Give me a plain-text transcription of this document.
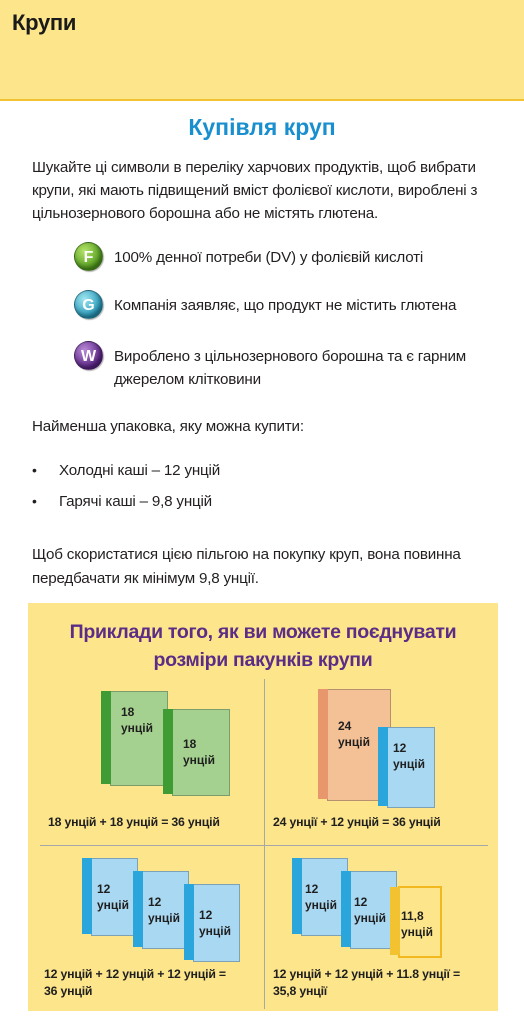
Крупи
Купівля круп
Шукайте ці символи в переліку харчових продуктів, щоб вибрати крупи, які мають підвищений вміст фолієвої кислоти, вироблені з цільнозернового борошна або не містять глютена.
F	100% денної потреби (DV) у фолієвій кислоті
G	Компанія заявляє, що продукт не містить глютена
W	Вироблено з цільнозернового борошна та є гарним джерелом клітковини
Найменша упаковка, яку можна купити:
• Холодні каші – 12 унцій
• Гарячі каші – 9,8 унцій
Щоб скористатися цією пільгою на покупку круп, вона повинна передбачати як мінімум 9,8 унції.
Приклади того, як ви можете поєднувати
розміри пакунків крупи
18
унцій
18
унцій
18 унцій + 18 унцій = 36 унцій
24
унцій 12
унцій
24 унції + 12 унцій = 36 унцій
12
унцій 12
унцій 12
унцій
12 унцій + 12 унцій + 12 унцій =
36 унцій
12
унцій 12
унцій 11,8
унцій
12 унцій + 12 унцій + 11.8 унції =
35,8 унції
